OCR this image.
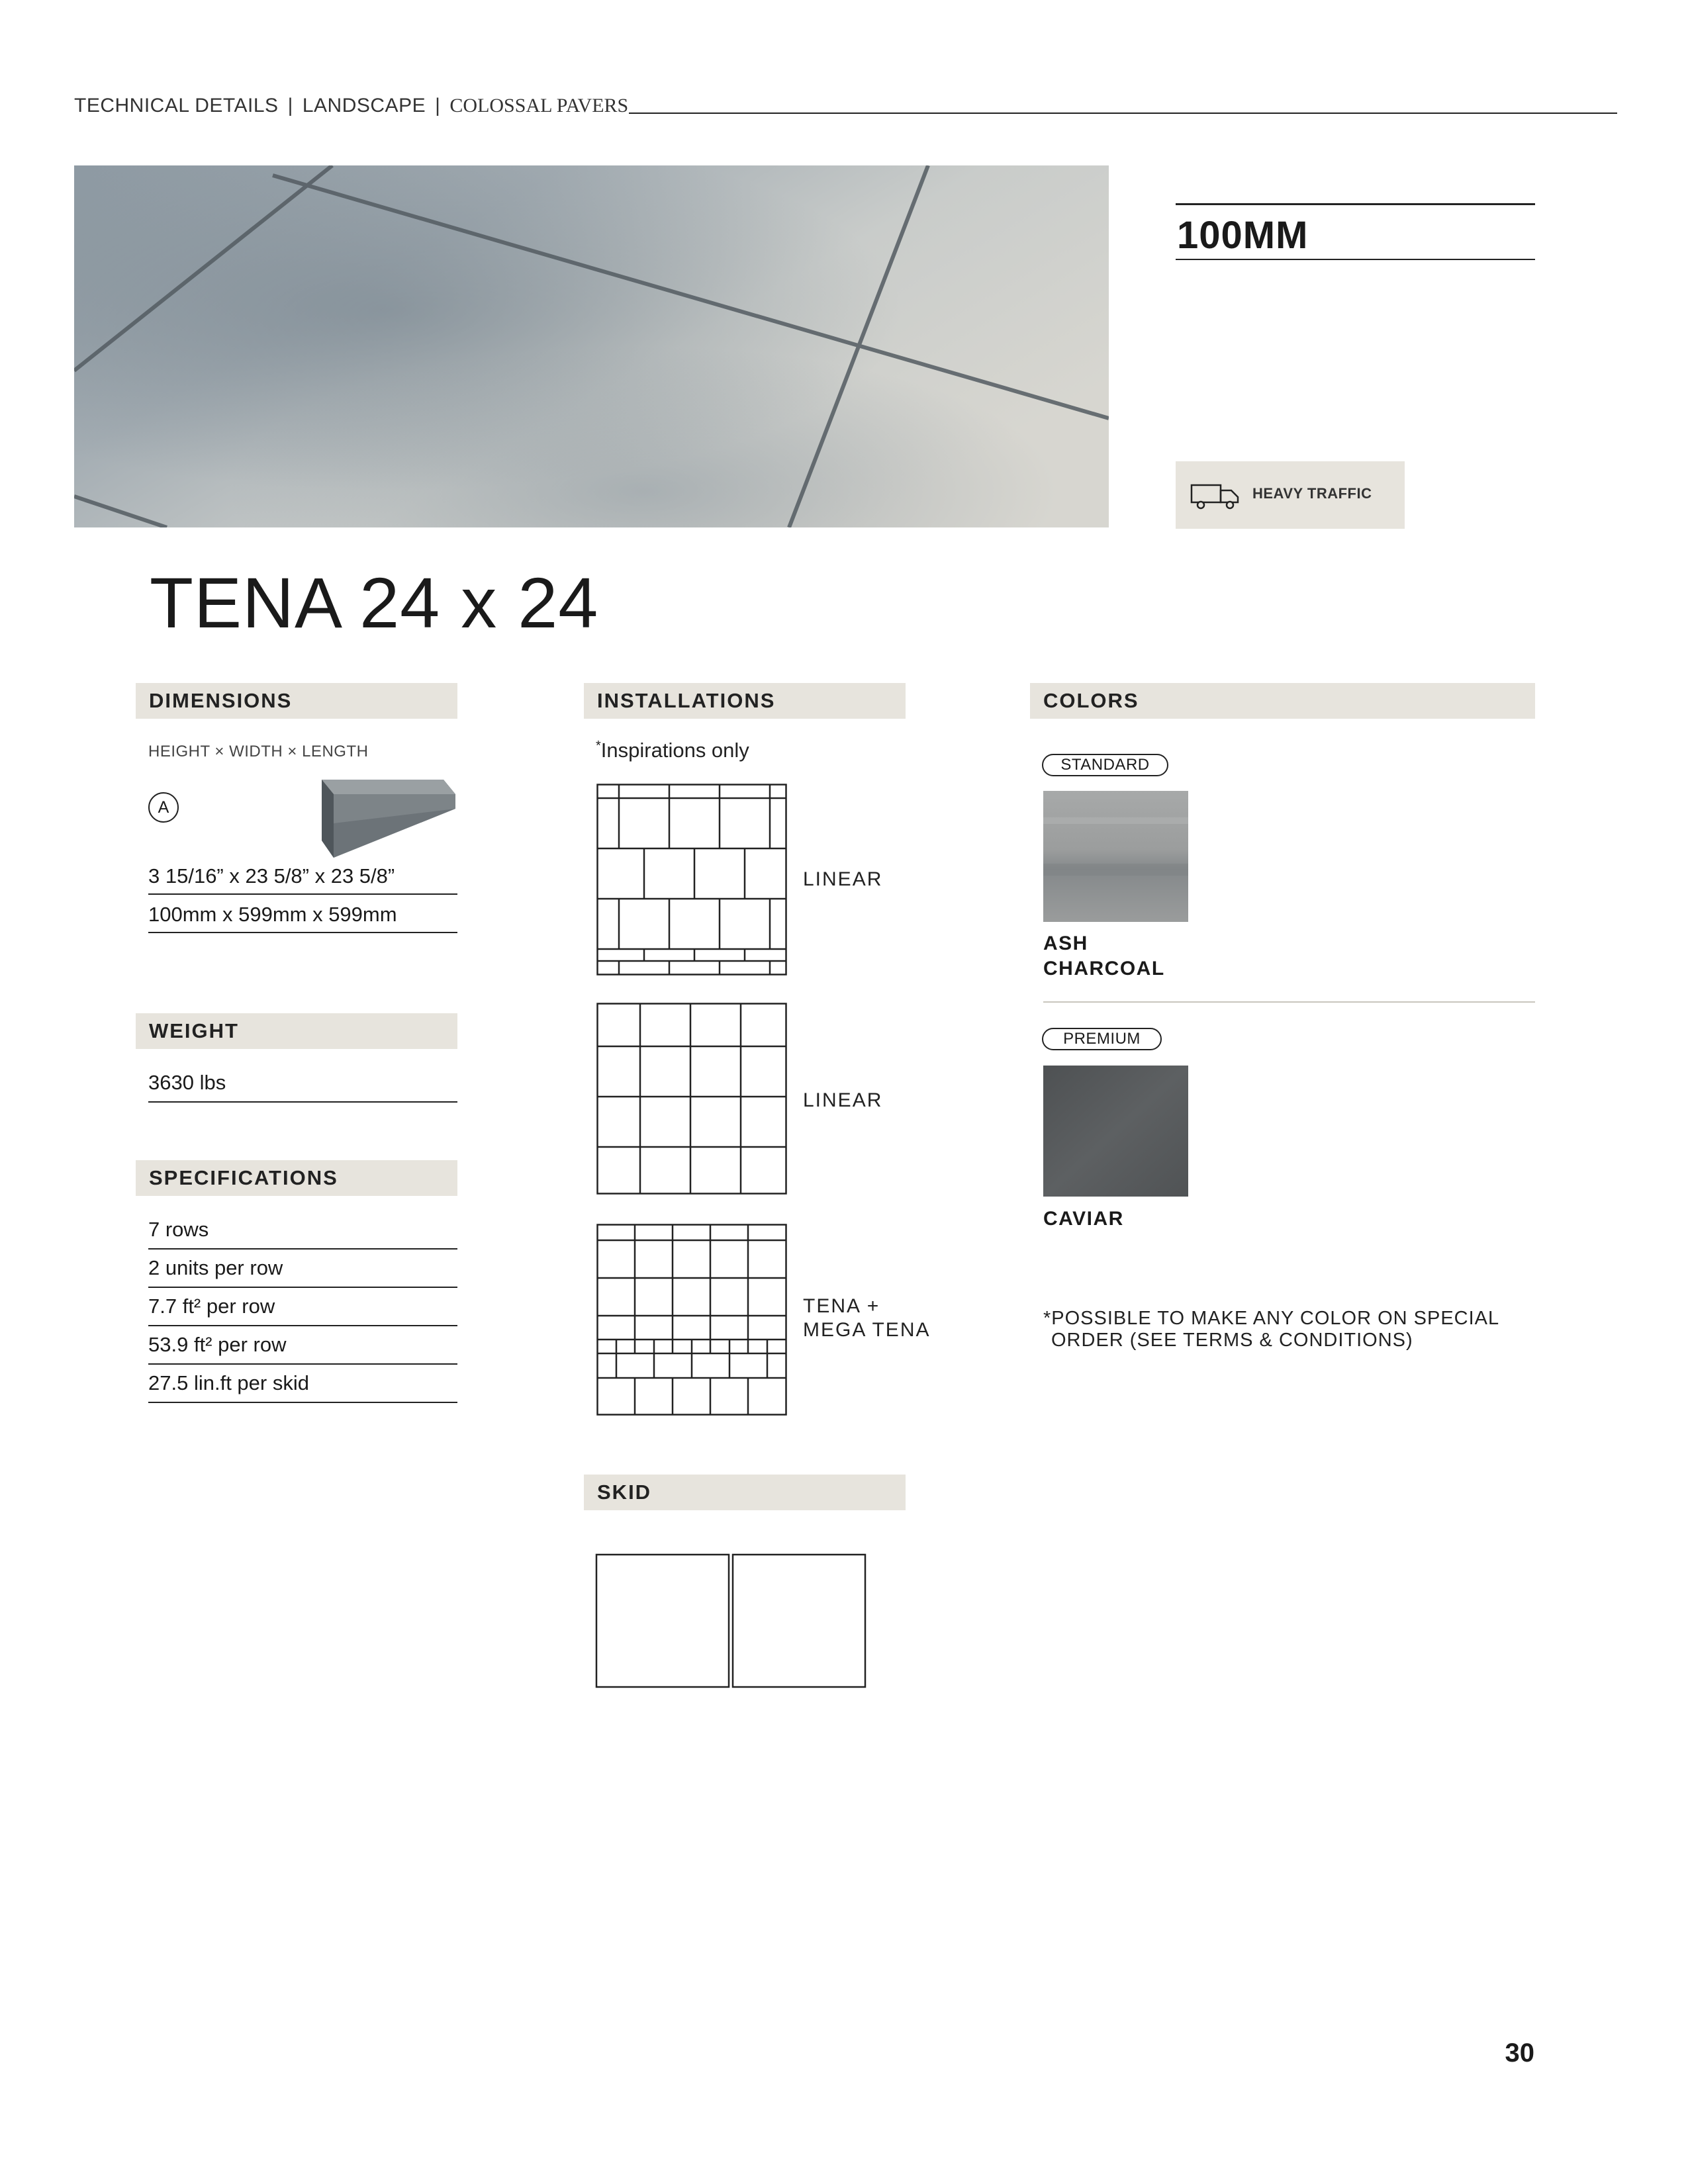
TECHNICAL DETAILS | LANDSCAPE | COLOSSAL PAVERS
100MM
HEAVY TRAFFIC
TENA 24 x 24
DIMENSIONS
HEIGHT × WIDTH × LENGTH
A
3 15/16” x 23 5/8” x 23 5/8”
100mm x 599mm x 599mm
WEIGHT
3630 lbs
SPECIFICATIONS
7 rows
2 units per row
7.7 ft² per row
53.9 ft² per row
27.5 lin.ft per skid
INSTALLATIONS
*Inspirations only
LINEAR
LINEAR
TENA +
MEGA TENA
SKID
COLORS
STANDARD
ASH
CHARCOAL
PREMIUM
CAVIAR
*POSSIBLE TO MAKE ANY COLOR ON SPECIAL
ORDER (SEE TERMS & CONDITIONS)
30
